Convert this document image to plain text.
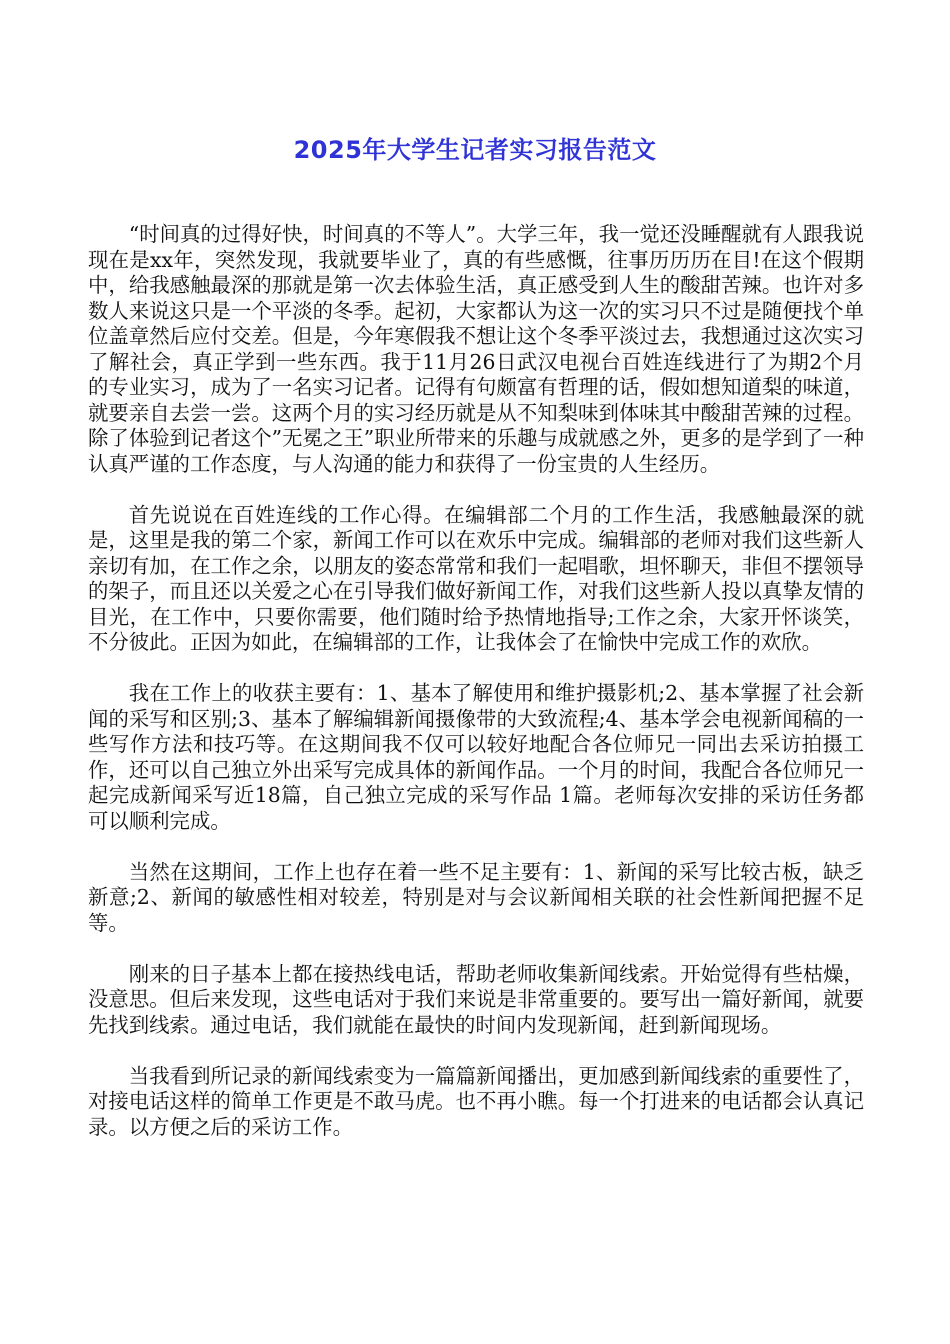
2025年大学生记者实习报告范文

“时间真的过得好快，时间真的不等人”。大学三年，我一觉还没睡醒就有人跟我说现在是xx年，突然发现，我就要毕业了，真的有些感慨，往事历历历在目!在这个假期中，给我感触最深的那就是第一次去体验生活，真正感受到人生的酸甜苦辣。也许对多数人来说这只是一个平淡的冬季。起初，大家都认为这一次的实习只不过是随便找个单位盖章然后应付交差。但是，今年寒假我不想让这个冬季平淡过去，我想通过这次实习了解社会，真正学到一些东西。我于11月26日武汉电视台百姓连线进行了为期2个月的专业实习，成为了一名实习记者。记得有句颇富有哲理的话，假如想知道梨的味道，就要亲自去尝一尝。这两个月的实习经历就是从不知梨味到体味其中酸甜苦辣的过程。除了体验到记者这个”无冕之王”职业所带来的乐趣与成就感之外，更多的是学到了一种认真严谨的工作态度，与人沟通的能力和获得了一份宝贵的人生经历。

首先说说在百姓连线的工作心得。在编辑部二个月的工作生活，我感触最深的就是，这里是我的第二个家，新闻工作可以在欢乐中完成。编辑部的老师对我们这些新人亲切有加，在工作之余，以朋友的姿态常常和我们一起唱歌，坦怀聊天，非但不摆领导的架子，而且还以关爱之心在引导我们做好新闻工作，对我们这些新人投以真挚友情的目光，在工作中，只要你需要，他们随时给予热情地指导;工作之余，大家开怀谈笑，不分彼此。正因为如此，在编辑部的工作，让我体会了在愉快中完成工作的欢欣。

我在工作上的收获主要有：1、基本了解使用和维护摄影机;2、基本掌握了社会新闻的采写和区别;3、基本了解编辑新闻摄像带的大致流程;4、基本学会电视新闻稿的一些写作方法和技巧等。在这期间我不仅可以较好地配合各位师兄一同出去采访拍摄工作，还可以自己独立外出采写完成具体的新闻作品。一个月的时间，我配合各位师兄一起完成新闻采写近18篇，自己独立完成的采写作品 1篇。老师每次安排的采访任务都可以顺利完成。

当然在这期间，工作上也存在着一些不足主要有：1、新闻的采写比较古板，缺乏新意;2、新闻的敏感性相对较差，特别是对与会议新闻相关联的社会性新闻把握不足等。

刚来的日子基本上都在接热线电话，帮助老师收集新闻线索。开始觉得有些枯燥，没意思。但后来发现，这些电话对于我们来说是非常重要的。要写出一篇好新闻，就要先找到线索。通过电话，我们就能在最快的时间内发现新闻，赶到新闻现场。

当我看到所记录的新闻线索变为一篇篇新闻播出，更加感到新闻线索的重要性了，对接电话这样的简单工作更是不敢马虎。也不再小瞧。每一个打进来的电话都会认真记录。以方便之后的采访工作。
